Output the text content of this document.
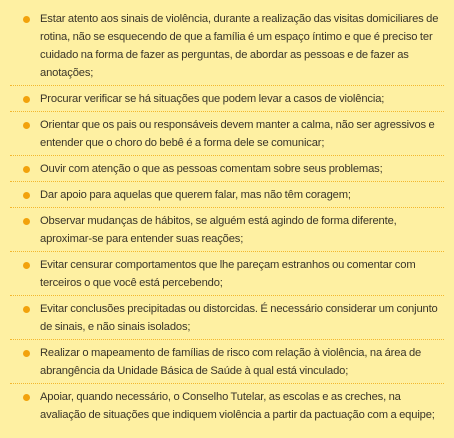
Estar atento aos sinais de violência, durante a realização das visitas domiciliares de rotina, não se esquecendo de que a família é um espaço íntimo e que é preciso ter cuidado na forma de fazer as perguntas, de abordar as pessoas e de fazer as anotações;
Procurar verificar se há situações que podem levar a casos de violência;
Orientar que os pais ou responsáveis devem manter a calma, não ser agressivos e entender que o choro do bebê é a forma dele se comunicar;
Ouvir com atenção o que as pessoas comentam sobre seus problemas;
Dar apoio para aquelas que querem falar, mas não têm coragem;
Observar mudanças de hábitos, se alguém está agindo de forma diferente, aproximar-se para entender suas reações;
Evitar censurar comportamentos que lhe pareçam estranhos ou comentar com terceiros o que você está percebendo;
Evitar conclusões precipitadas ou distorcidas. É necessário considerar um conjunto de sinais, e não sinais isolados;
Realizar o mapeamento de famílias de risco com relação à violência, na área de abrangência da Unidade Básica de Saúde à qual está vinculado;
Apoiar, quando necessário, o Conselho Tutelar, as escolas e as creches, na avaliação de situações que indiquem violência a partir da pactuação com a equipe;
